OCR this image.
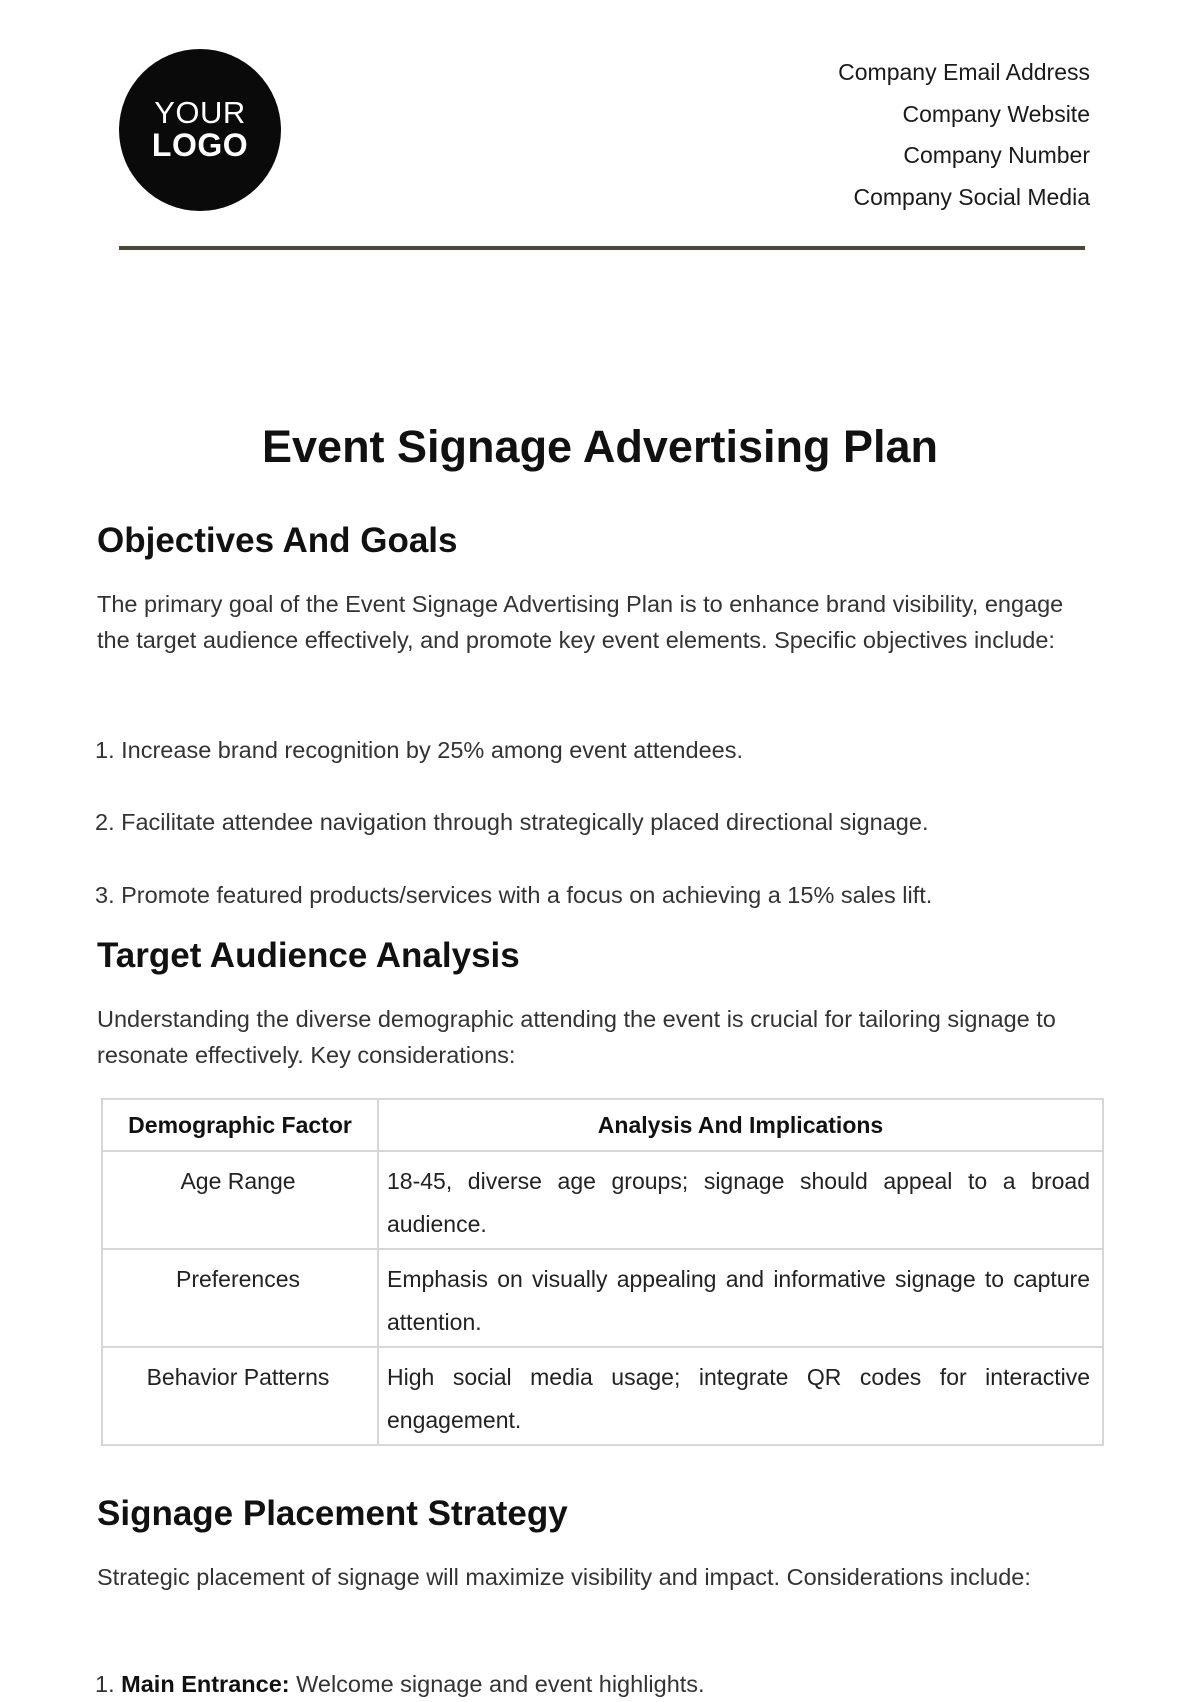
YOUR
LOGO
Company Email Address
Company Website
Company Number
Company Social Media
Event Signage Advertising Plan
Objectives And Goals

The primary goal of the Event Signage Advertising Plan is to enhance brand visibility, engage the target audience effectively, and promote key event elements. Specific objectives include:

1. Increase brand recognition by 25% among event attendees.

2. Facilitate attendee navigation through strategically placed directional signage.

3. Promote featured products/services with a focus on achieving a 15% sales lift.

Target Audience Analysis

Understanding the diverse demographic attending the event is crucial for tailoring signage to resonate effectively. Key considerations:

Demographic Factor	Analysis And Implications
Age Range	18-45, diverse age groups; signage should appeal to a broad audience.
Preferences	Emphasis on visually appealing and informative signage to capture attention.
Behavior Patterns	High social media usage; integrate QR codes for interactive engagement.
Signage Placement Strategy

Strategic placement of signage will maximize visibility and impact. Considerations include:

1. Main Entrance: Welcome signage and event highlights.
